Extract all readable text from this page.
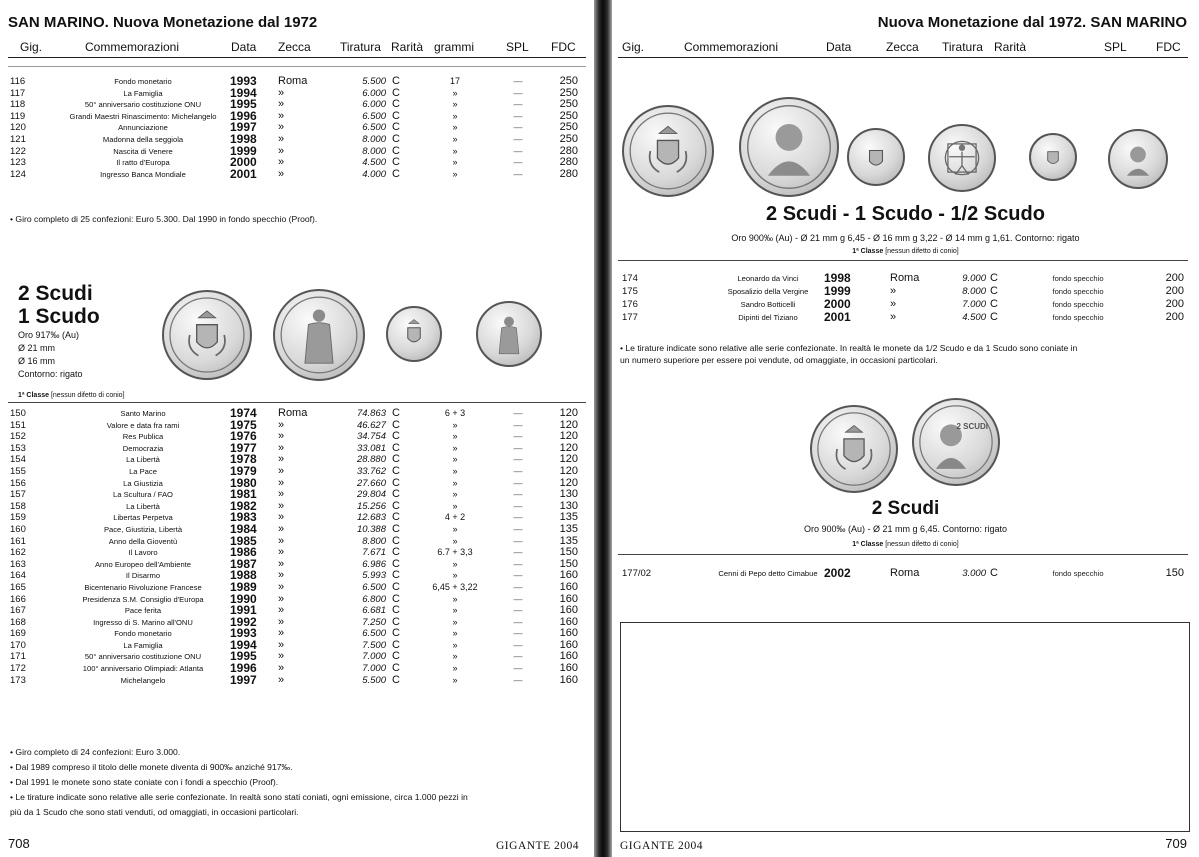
SAN MARINO. Nuova Monetazione dal 1972
Gig.	Commemorazioni	Data Zecca Tiratura Rarità grammi	SPL FDC
116	Fondo monetario	1993 Roma	5.500 C	17	—	250
117	La Famiglia	1994 »	6.000 C	»	—	250
118	50° anniversario costituzione ONU	1995 »	6.000 C	»	—	250
119	Grandi Maestri Rinascimento: Michelangelo	1996 »	6.500 C	»	—	250
120	Annunciazione	1997 »	6.500 C	»	—	250
121	Madonna della seggiola	1998 »	8.000 C	»	—	250
122	Nascita di Venere	1999 »	8.000 C	»	—	280
123	Il ratto d'Europa	2000 »	4.500 C	»	—	280
124	Ingresso Banca Mondiale	2001 »	4.000 C	»	—	280
• Giro completo di 25 confezioni: Euro 5.300. Dal 1990 in fondo specchio (Proof).
2 Scudi
1 Scudo
Oro 917‰ (Au)
Ø 21 mm
Ø 16 mm
Contorno: rigato
1ª Classe [nessun difetto di conio]
150	Santo Marino	1974 Roma	74.863 C	6 + 3	—	120
151	Valore e data fra rami	1975 »	46.627 C	»	—	120
152	Res Publica	1976 »	34.754 C	»	—	120
153	Democrazia	1977 »	33.081 C	»	—	120
154	La Libertà	1978 »	28.880 C	»	—	120
155	La Pace	1979 »	33.762 C	»	—	120
156	La Giustizia	1980 »	27.660 C	»	—	120
157	La Scultura / FAO	1981 »	29.804 C	»	—	130
158	La Libertà	1982 »	15.256 C	»	—	130
159	Libertas Perpetva	1983 »	12.683 C	4 + 2	—	135
160	Pace, Giustizia, Libertà	1984 »	10.388 C	»	—	135
161	Anno della Gioventù	1985 »	8.800 C	»	—	135
162	Il Lavoro	1986 »	7.671 C	6.7 + 3,3	—	150
163	Anno Europeo dell'Ambiente	1987 »	6.986 C	»	—	150
164	Il Disarmo	1988 »	5.993 C	»	—	160
165	Bicentenario Rivoluzione Francese	1989 »	6.500 C	6,45 + 3,22	—	160
166	Presidenza S.M. Consiglio d'Europa	1990 »	6.800 C	»	—	160
167	Pace ferita	1991 »	6.681 C	»	—	160
168	Ingresso di S. Marino all'ONU	1992 »	7.250 C	»	—	160
169	Fondo monetario	1993 »	6.500 C	»	—	160
170	La Famiglia	1994 »	7.500 C	»	—	160
171	50° anniversario costituzione ONU	1995 »	7.000 C	»	—	160
172	100° anniversario Olimpiadi: Atlanta	1996 »	7.000 C	»	—	160
173	Michelangelo	1997 »	5.500 C	»	—	160
• Giro completo di 24 confezioni: Euro 3.000.
• Dal 1989 compreso il titolo delle monete diventa di 900‰ anziché 917‰.
• Dal 1991 le monete sono state coniate con i fondi a specchio (Proof).
• Le tirature indicate sono relative alle serie confezionate. In realtà sono stati coniati, ogni emissione, circa 1.000 pezzi in
più da 1 Scudo che sono stati venduti, od omaggiati, in occasioni particolari.
708	GIGANTE 2004
Nuova Monetazione dal 1972. SAN MARINO
Gig.	Commemorazioni	Data	Zecca Tiratura Rarità	SPL FDC
2 Scudi - 1 Scudo - 1/2 Scudo
Oro 900‰ (Au) - Ø 21 mm g 6,45 - Ø 16 mm g 3,22 - Ø 14 mm g 1,61. Contorno: rigato
1ª Classe [nessun difetto di conio]
174	Leonardo da Vinci	1998	Roma	9.000 C	fondo specchio	200
175	Sposalizio della Vergine	1999	»	8.000 C	fondo specchio	200
176	Sandro Botticelli	2000	»	7.000 C	fondo specchio	200
177	Dipinti del Tiziano	2001	»	4.500 C	fondo specchio	200
• Le tirature indicate sono relative alle serie confezionate. In realtà le monete da 1/2 Scudo e da 1 Scudo sono coniate in
un numero superiore per essere poi vendute, od omaggiate, in occasioni particolari.
2 SCUDI
2 Scudi
Oro 900‰ (Au) - Ø 21 mm g 6,45. Contorno: rigato
1ª Classe [nessun difetto di conio]
177/02	Cenni di Pepo detto Cimabue 2002	Roma	3.000 C	fondo specchio	150
GIGANTE 2004	709
